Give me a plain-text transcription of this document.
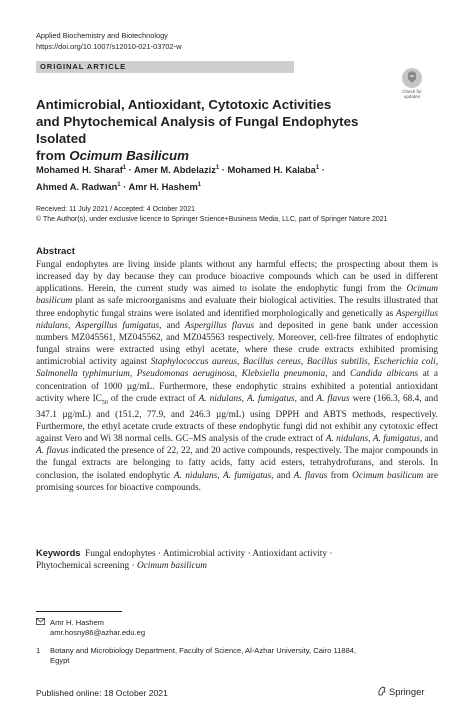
Applied Biochemistry and Biotechnology
https://doi.org/10.1007/s12010-021-03702-w
ORIGINAL ARTICLE
Check for updates
Antimicrobial, Antioxidant, Cytotoxic Activities
and Phytochemical Analysis of Fungal Endophytes Isolated
from Ocimum Basilicum
Mohamed H. Sharaf$^1$ · Amer M. Abdelaziz$^1$ · Mohamed H. Kalaba$^1$ ·
Ahmed A. Radwan$^1$ · Amr H. Hashem$^1$
Received: 11 July 2021 / Accepted: 4 October 2021
© The Author(s), under exclusive licence to Springer Science+Business Media, LLC, part of Springer Nature 2021
Abstract
Fungal endophytes are living inside plants without any harmful effects; the prospecting about them is increased day by day because they can produce bioactive compounds which can be used in different applications. Herein, the current study was aimed to isolate the endophytic fungi from the Ocimum basilicum plant as safe microorganisms and evaluate their biological activities. The results illustrated that three endophytic fungal strains were isolated and identified morphologically and genetically as Aspergillus nidulans, Aspergillus fumigatus, and Aspergillus flavus and deposited in gene bank under accession numbers MZ045561, MZ045562, and MZ045563 respectively. Moreover, cell-free filtrates of endophytic fungal strains were extracted using ethyl acetate, where these crude extracts exhibited promising antimicrobial activity against Staphylococcus aureus, Bacillus cereus, Bacillus subtilis, Escherichia coli, Salmonella typhimurium, Pseudomonas aeruginosa, Klebsiella pneumonia, and Candida albicans at a concentration of 1000 µg/mL. Furthermore, these endophytic strains exhibited a potential antioxidant activity where $IC_{50}$ of the crude extract of A. nidulans, A. fumigatus, and A. flavus were (166.3, 68.4, and 347.1 µg/mL) and (151.2, 77.9, and 246.3 µg/mL) using DPPH and ABTS methods, respectively. Furthermore, the ethyl acetate crude extracts of these endophytic fungi did not exhibit any cytotoxic effect against Vero and Wi 38 normal cells. GC–MS analysis of the crude extract of A. nidulans, A. fumigatus, and A. flavus indicated the presence of 22, 22, and 20 active compounds, respectively. The major compounds in the fungal extracts are belonging to fatty acids, fatty acid esters, tetrahydrofurans, and sterols. In conclusion, the isolated endophytic A. nidulans, A. fumigatus, and A. flavus from Ocimum basilicum are promising sources for bioactive compounds.
Keywords Fungal endophytes · Antimicrobial activity · Antioxidant activity ·
Phytochemical screening · Ocimum basilicum
Amr H. Hashem
amr.hosny86@azhar.edu.eg
1 Botany and Microbiology Department, Faculty of Science, Al-Azhar University, Cairo 11884,
Egypt
Published online: 18 October 2021	Springer
